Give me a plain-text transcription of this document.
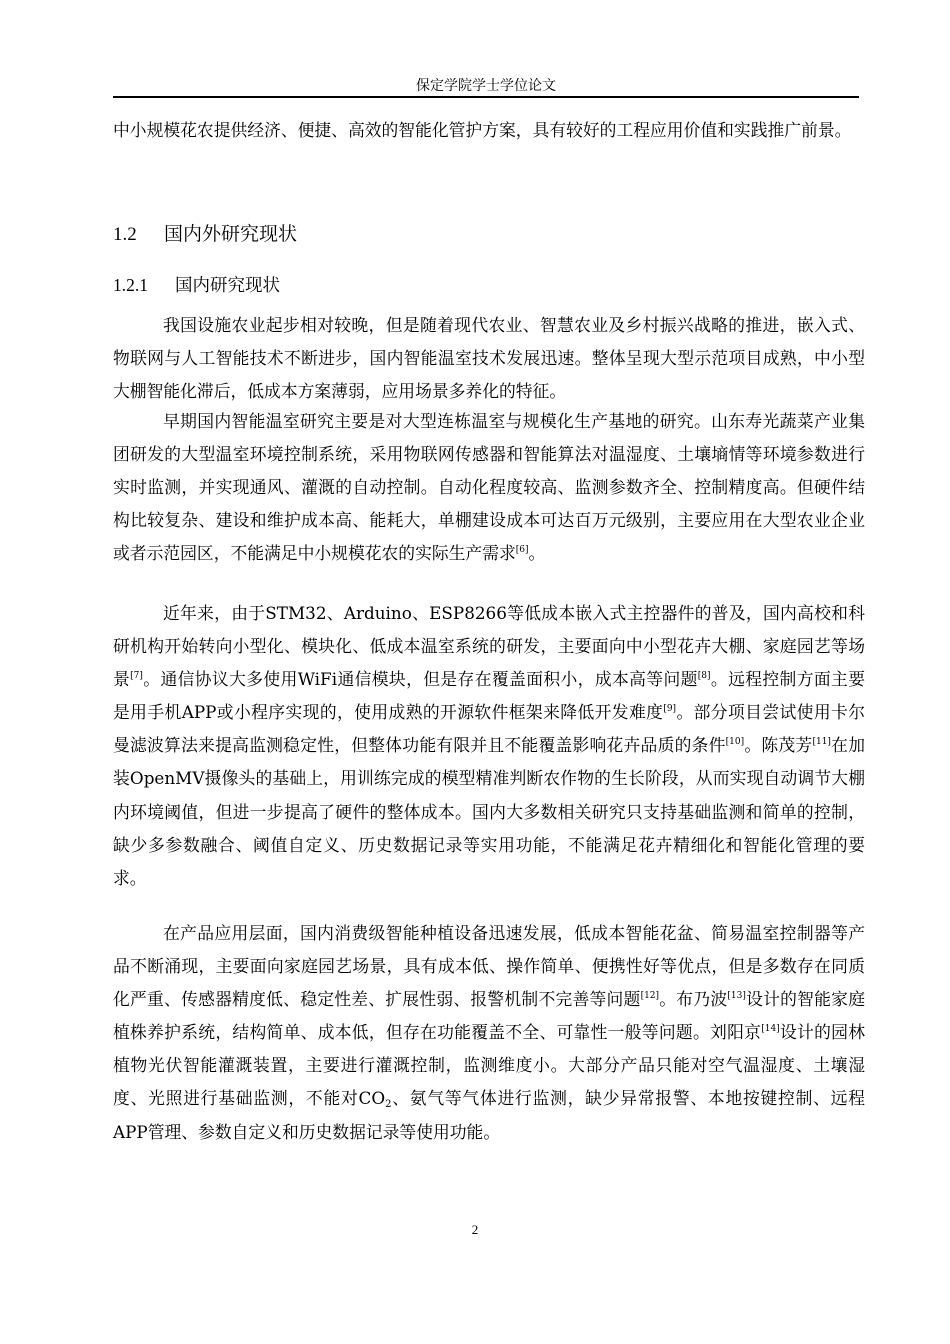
保定学院学士学位论文

中小规模花农提供经济、便捷、高效的智能化管护方案，具有较好的工程应用价值和实践推广前景。

1.2 国内外研究现状
1.2.1 国内研究现状

我国设施农业起步相对较晚，但是随着现代农业、智慧农业及乡村振兴战略的推进，嵌入式、物联网与人工智能技术不断进步，国内智能温室技术发展迅速。整体呈现大型示范项目成熟，中小型大棚智能化滞后，低成本方案薄弱，应用场景多养化的特征。

早期国内智能温室研究主要是对大型连栋温室与规模化生产基地的研究。山东寿光蔬菜产业集团研发的大型温室环境控制系统，采用物联网传感器和智能算法对温湿度、土壤墒情等环境参数进行实时监测，并实现通风、灌溉的自动控制。自动化程度较高、监测参数齐全、控制精度高。但硬件结构比较复杂、建设和维护成本高、能耗大，单棚建设成本可达百万元级别，主要应用在大型农业企业或者示范园区，不能满足中小规模花农的实际生产需求[6]。

近年来，由于STM32、Arduino、ESP8266等低成本嵌入式主控器件的普及，国内高校和科研机构开始转向小型化、模块化、低成本温室系统的研发，主要面向中小型花卉大棚、家庭园艺等场景[7]。通信协议大多使用WiFi通信模块，但是存在覆盖面积小，成本高等问题[8]。远程控制方面主要是用手机APP或小程序实现的，使用成熟的开源软件框架来降低开发难度[9]。部分项目尝试使用卡尔曼滤波算法来提高监测稳定性，但整体功能有限并且不能覆盖影响花卉品质的条件[10]。陈茂芳[11]在加装OpenMV摄像头的基础上，用训练完成的模型精准判断农作物的生长阶段，从而实现自动调节大棚内环境阈值，但进一步提高了硬件的整体成本。国内大多数相关研究只支持基础监测和简单的控制，缺少多参数融合、阈值自定义、历史数据记录等实用功能，不能满足花卉精细化和智能化管理的要求。

在产品应用层面，国内消费级智能种植设备迅速发展，低成本智能花盆、简易温室控制器等产品不断涌现，主要面向家庭园艺场景，具有成本低、操作简单、便携性好等优点，但是多数存在同质化严重、传感器精度低、稳定性差、扩展性弱、报警机制不完善等问题[12]。布乃波[13]设计的智能家庭植株养护系统，结构简单、成本低，但存在功能覆盖不全、可靠性一般等问题。刘阳京[14]设计的园林植物光伏智能灌溉装置，主要进行灌溉控制，监测维度小。大部分产品只能对空气温湿度、土壤湿度、光照进行基础监测，不能对$CO_2$、氨气等气体进行监测，缺少异常报警、本地按键控制、远程APP管理、参数自定义和历史数据记录等使用功能。

2
